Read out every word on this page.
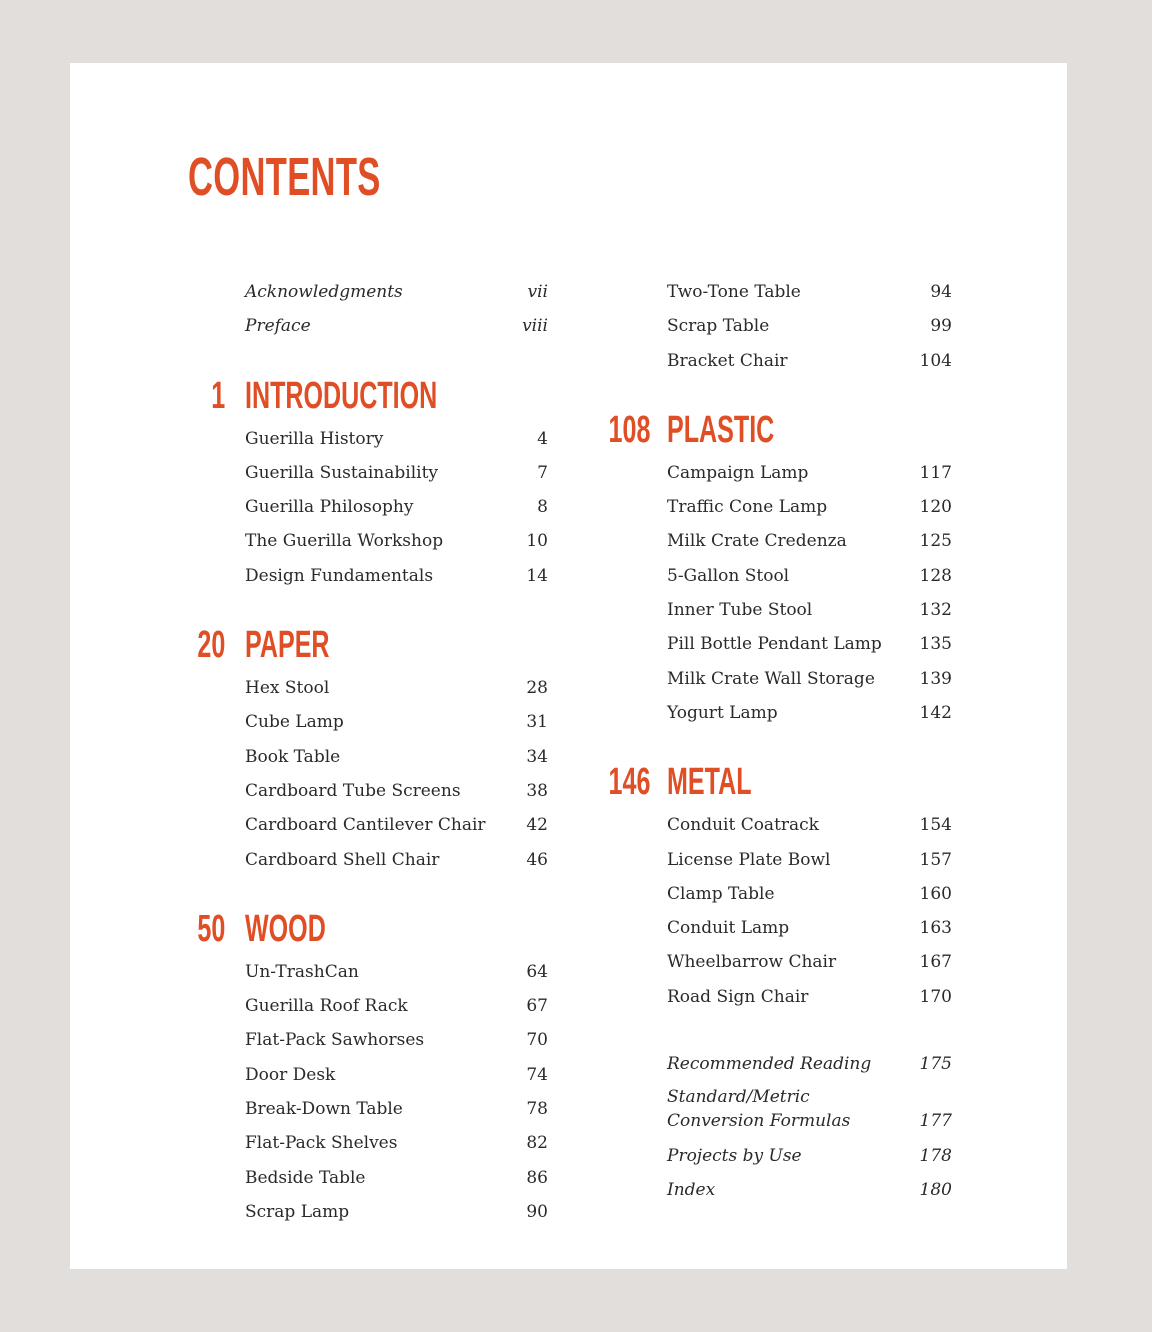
CONTENTS
Acknowledgments	vii
Preface	viii
1 INTRODUCTION
Guerilla History	4
Guerilla Sustainability	7
Guerilla Philosophy	8
The Guerilla Workshop	10
Design Fundamentals	14
20 PAPER
Hex Stool	28
Cube Lamp	31
Book Table	34
Cardboard Tube Screens	38
Cardboard Cantilever Chair 42
Cardboard Shell Chair	46
50 WOOD
Un-TrashCan	64
Guerilla Roof Rack	67
Flat-Pack Sawhorses	70
Door Desk	74
Break-Down Table	78
Flat-Pack Shelves	82
Bedside Table	86
Scrap Lamp	90
Two-Tone Table	94
Scrap Table	99
Bracket Chair	104
108 PLASTIC
Campaign Lamp	117
Traffic Cone Lamp	120
Milk Crate Credenza	125
5-Gallon Stool	128
Inner Tube Stool	132
Pill Bottle Pendant Lamp 135
Milk Crate Wall Storage	139
Yogurt Lamp	142
146 METAL
Conduit Coatrack	154
License Plate Bowl	157
Clamp Table	160
Conduit Lamp	163
Wheelbarrow Chair	167
Road Sign Chair	170
Recommended Reading	175
Standard/Metric Conversion Formulas	177
Projects by Use	178
Index	180
